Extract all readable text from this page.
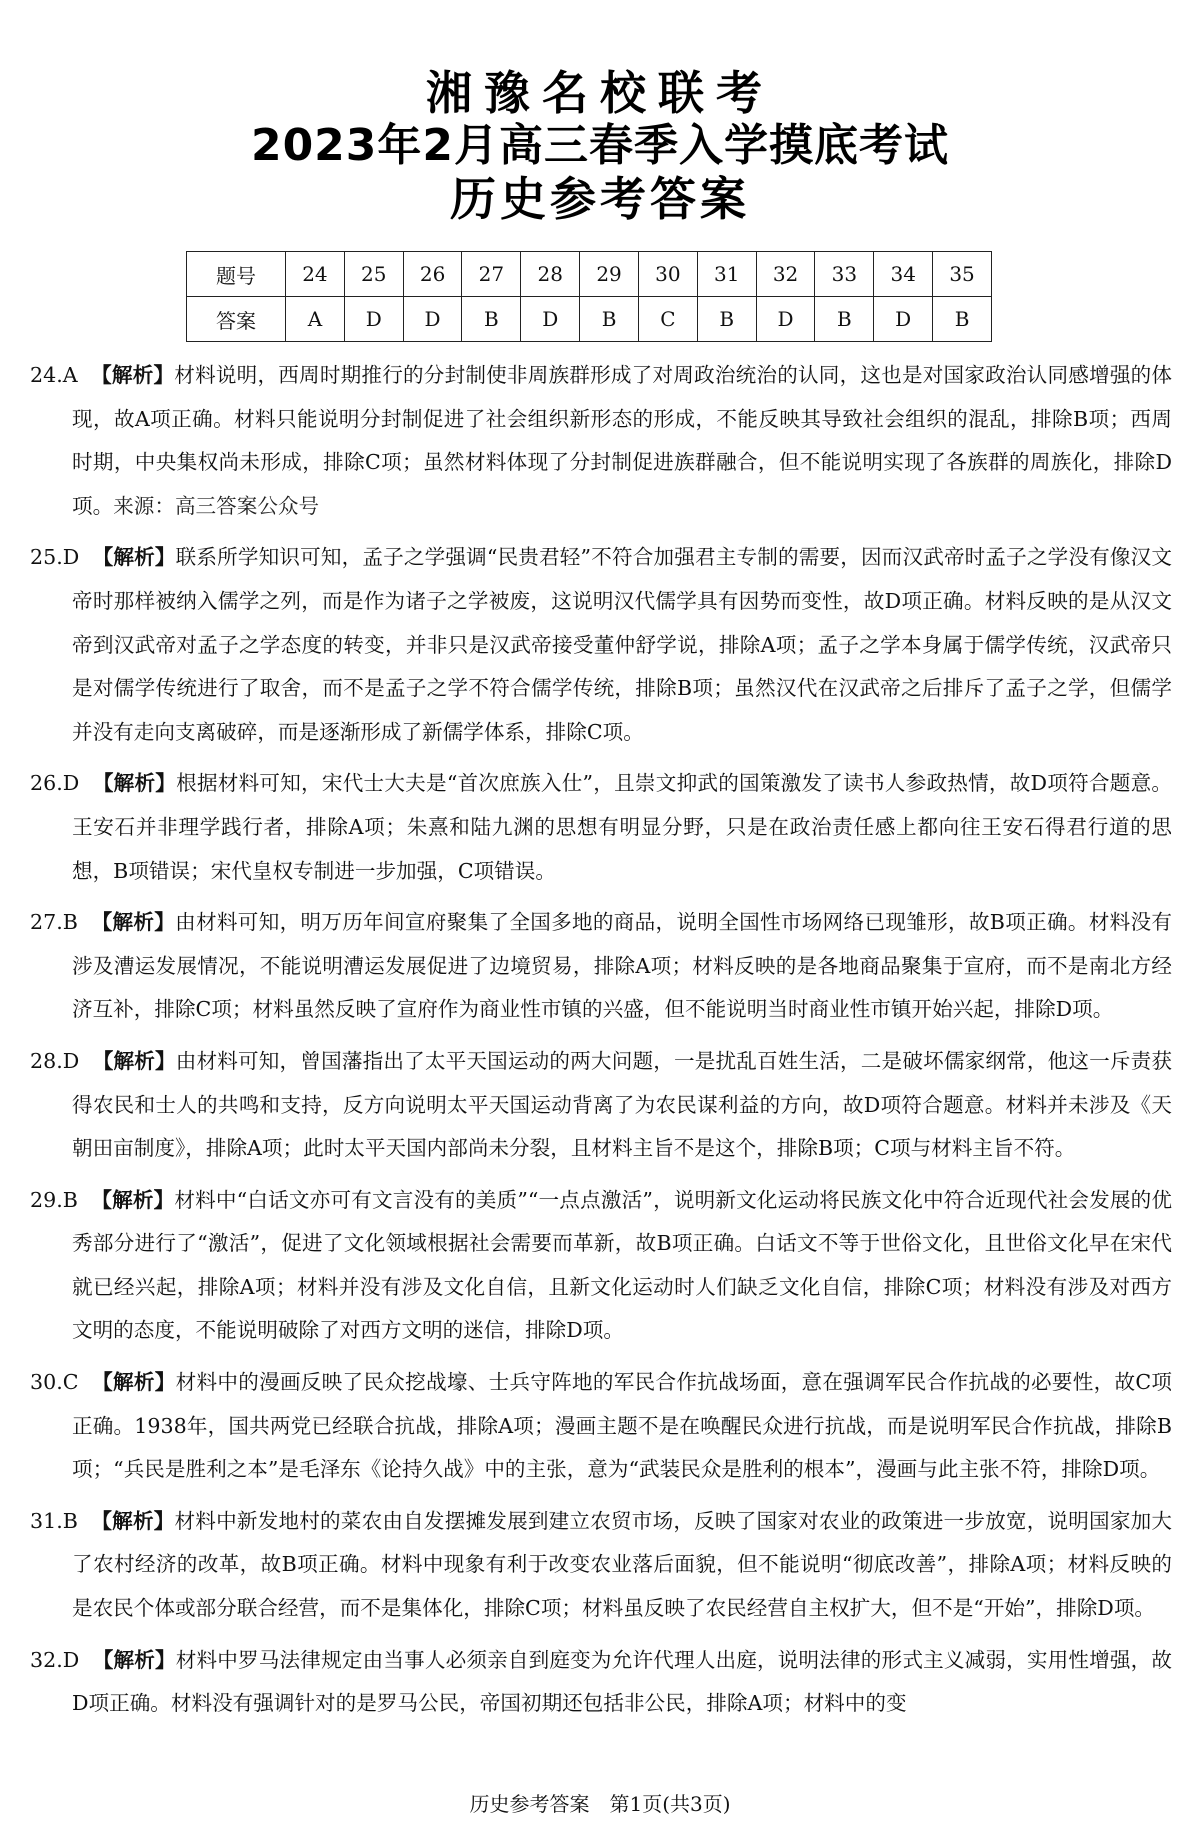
湘豫名校联考
2023年2月高三春季入学摸底考试
历史参考答案
题号	24	25	26	27	28	29	30	31	32	33	34	35
答案	A	D	D	B	D	B	C	B	D	B	D	B
24.A 【解析】材料说明，西周时期推行的分封制使非周族群形成了对周政治统治的认同，这也是对国家政治认同感增强的体现，故A项正确。材料只能说明分封制促进了社会组织新形态的形成，不能反映其导致社会组织的混乱，排除B项；西周时期，中央集权尚未形成，排除C项；虽然材料体现了分封制促进族群融合，但不能说明实现了各族群的周族化，排除D项。来源：高三答案公众号
25.D 【解析】联系所学知识可知，孟子之学强调“民贵君轻”不符合加强君主专制的需要，因而汉武帝时孟子之学没有像汉文帝时那样被纳入儒学之列，而是作为诸子之学被废，这说明汉代儒学具有因势而变性，故D项正确。材料反映的是从汉文帝到汉武帝对孟子之学态度的转变，并非只是汉武帝接受董仲舒学说，排除A项；孟子之学本身属于儒学传统，汉武帝只是对儒学传统进行了取舍，而不是孟子之学不符合儒学传统，排除B项；虽然汉代在汉武帝之后排斥了孟子之学，但儒学并没有走向支离破碎，而是逐渐形成了新儒学体系，排除C项。
26.D 【解析】根据材料可知，宋代士大夫是“首次庶族入仕”，且崇文抑武的国策激发了读书人参政热情，故D项符合题意。王安石并非理学践行者，排除A项；朱熹和陆九渊的思想有明显分野，只是在政治责任感上都向往王安石得君行道的思想，B项错误；宋代皇权专制进一步加强，C项错误。
27.B 【解析】由材料可知，明万历年间宣府聚集了全国多地的商品，说明全国性市场网络已现雏形，故B项正确。材料没有涉及漕运发展情况，不能说明漕运发展促进了边境贸易，排除A项；材料反映的是各地商品聚集于宣府，而不是南北方经济互补，排除C项；材料虽然反映了宣府作为商业性市镇的兴盛，但不能说明当时商业性市镇开始兴起，排除D项。
28.D 【解析】由材料可知，曾国藩指出了太平天国运动的两大问题，一是扰乱百姓生活，二是破坏儒家纲常，他这一斥责获得农民和士人的共鸣和支持，反方向说明太平天国运动背离了为农民谋利益的方向，故D项符合题意。材料并未涉及《天朝田亩制度》，排除A项；此时太平天国内部尚未分裂，且材料主旨不是这个，排除B项；C项与材料主旨不符。
29.B 【解析】材料中“白话文亦可有文言没有的美质”“一点点激活”，说明新文化运动将民族文化中符合近现代社会发展的优秀部分进行了“激活”，促进了文化领域根据社会需要而革新，故B项正确。白话文不等于世俗文化，且世俗文化早在宋代就已经兴起，排除A项；材料并没有涉及文化自信，且新文化运动时人们缺乏文化自信，排除C项；材料没有涉及对西方文明的态度，不能说明破除了对西方文明的迷信，排除D项。
30.C 【解析】材料中的漫画反映了民众挖战壕、士兵守阵地的军民合作抗战场面，意在强调军民合作抗战的必要性，故C项正确。1938年，国共两党已经联合抗战，排除A项；漫画主题不是在唤醒民众进行抗战，而是说明军民合作抗战，排除B项；“兵民是胜利之本”是毛泽东《论持久战》中的主张，意为“武装民众是胜利的根本”，漫画与此主张不符，排除D项。
31.B 【解析】材料中新发地村的菜农由自发摆摊发展到建立农贸市场，反映了国家对农业的政策进一步放宽，说明国家加大了农村经济的改革，故B项正确。材料中现象有利于改变农业落后面貌，但不能说明“彻底改善”，排除A项；材料反映的是农民个体或部分联合经营，而不是集体化，排除C项；材料虽反映了农民经营自主权扩大，但不是“开始”，排除D项。
32.D 【解析】材料中罗马法律规定由当事人必须亲自到庭变为允许代理人出庭，说明法律的形式主义减弱，实用性增强，故D项正确。材料没有强调针对的是罗马公民，帝国初期还包括非公民，排除A项；材料中的变
历史参考答案　第1页(共3页)
